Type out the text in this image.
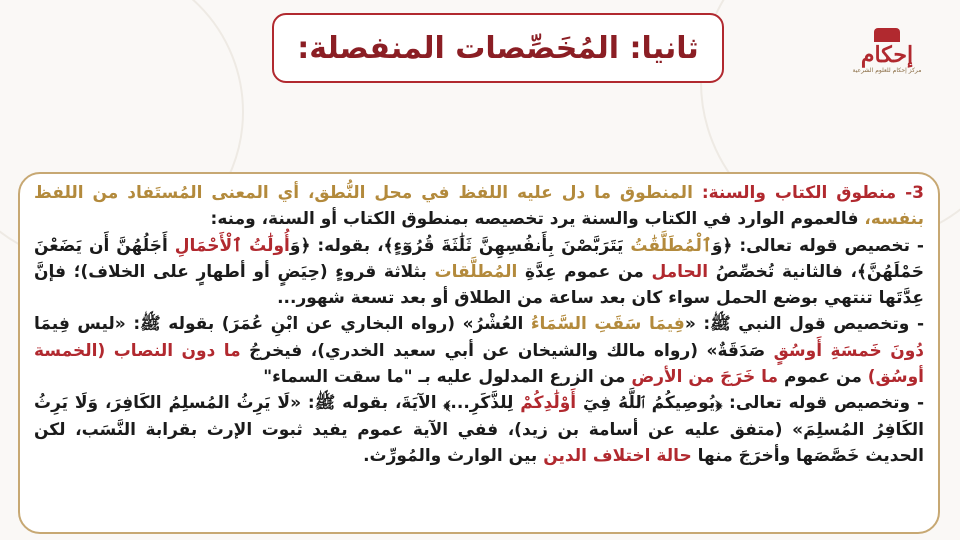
ثانيا: المُخَصِّصات المنفصلة:	إحكام
مركز إحكام للعلوم الشرعية

3- منطوق الكتاب والسنة: المنطوق ما دل عليه اللفظ في محل النُّطق، أي المعنى المُستَفاد من اللفظ بنفسه، فالعموم الوارد في الكتاب والسنة يرد تخصيصه بمنطوق الكتاب أو السنة، ومنه:

- تخصيص قوله تعالى: ﴿وَٱلْمُطَلَّقَٰتُ يَتَرَبَّصْنَ بِأَنفُسِهِنَّ ثَلَٰثَةَ قُرُوٓءٍ﴾، بقوله: ﴿وَأُولَٰتُ ٱلْأَحْمَالِ أَجَلُهُنَّ أَن يَضَعْنَ حَمْلَهُنَّ﴾، فالثانية تُخصِّصُ الحامل من عموم عِدَّةِ المُطلَّقات بثلاثة قروءٍ (حِيَضٍ أو أطهارٍ على الخلاف)؛ فإنَّ عِدَّتَها تنتهي بوضع الحمل سواء كان بعد ساعة من الطلاق أو بعد تسعة شهور...

- وتخصيص قول النبي ﷺ: «فِيمَا سَقَتِ السَّمَاءُ العُشْرُ» (رواه البخاري عن ابْنِ عُمَرَ) بقوله ﷺ: «ليس فِيمَا دُونَ خَمسَةِ أَوسُقٍ صَدَقَةٌ» (رواه مالك والشيخان عن أبي سعيد الخدري)، فيخرجُ ما دون النصاب (الخمسة أوسُق) من عموم ما خَرَجَ من الأرض من الزرع المدلول عليه بـ "ما سقت السماء"

- وتخصيص قوله تعالى: ﴿يُوصِيكُمُ ٱللَّهُ فِيٓ أَوْلَٰدِكُمْ لِلذَّكَرِ...﴾ الآيَةَ، بقوله ﷺ: «لَا يَرِثُ المُسلِمُ الكَافِرَ، وَلَا يَرِثُ الكَافِرُ المُسلِمَ» (متفق عليه عن أسامة بن زيد)، ففي الآية عموم يفيد ثبوت الإرث بقرابة النَّسَب، لكن الحديث خَصَّصَها وأخرَجَ منها حالة اختلاف الدين بين الوارث والمُورِّث.
